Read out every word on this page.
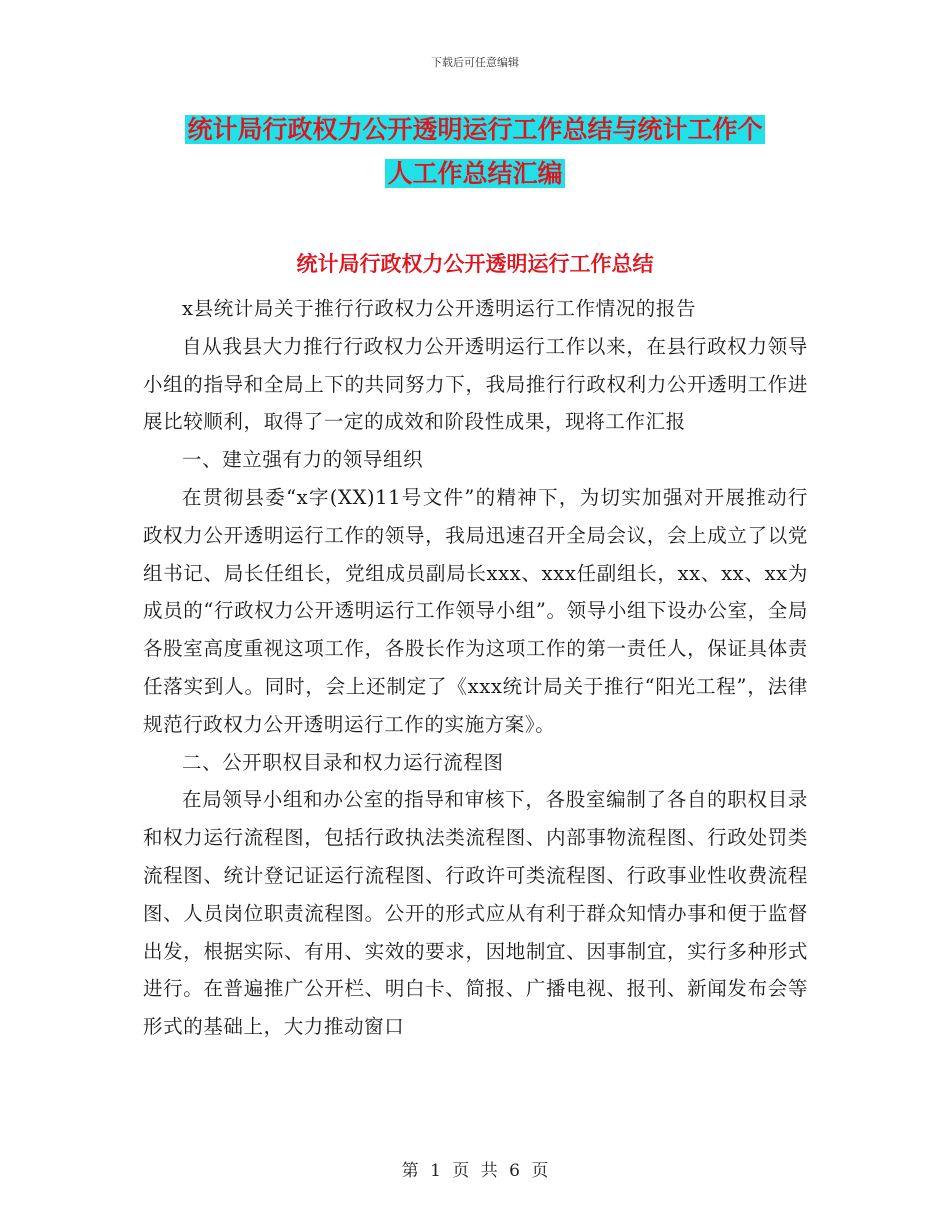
下载后可任意编辑
统计局行政权力公开透明运行工作总结与统计工作个
人工作总结汇编
统计局行政权力公开透明运行工作总结

x县统计局关于推行行政权力公开透明运行工作情况的报告

自从我县大力推行行政权力公开透明运行工作以来，在县行政权力领导小组的指导和全局上下的共同努力下，我局推行行政权利力公开透明工作进展比较顺利，取得了一定的成效和阶段性成果，现将工作汇报

一、建立强有力的领导组织

在贯彻县委“x字(XX)11号文件”的精神下，为切实加强对开展推动行政权力公开透明运行工作的领导，我局迅速召开全局会议，会上成立了以党组书记、局长任组长，党组成员副局长xxx、xxx任副组长，xx、xx、xx为成员的“行政权力公开透明运行工作领导小组”。领导小组下设办公室，全局各股室高度重视这项工作，各股长作为这项工作的第一责任人，保证具体责任落实到人。同时，会上还制定了《xxx统计局关于推行“阳光工程”，法律规范行政权力公开透明运行工作的实施方案》。

二、公开职权目录和权力运行流程图

在局领导小组和办公室的指导和审核下，各股室编制了各自的职权目录和权力运行流程图，包括行政执法类流程图、内部事物流程图、行政处罚类流程图、统计登记证运行流程图、行政许可类流程图、行政事业性收费流程图、人员岗位职责流程图。公开的形式应从有利于群众知情办事和便于监督出发，根据实际、有用、实效的要求，因地制宜、因事制宜，实行多种形式进行。在普遍推广公开栏、明白卡、简报、广播电视、报刊、新闻发布会等形式的基础上，大力推动窗口

第 1 页 共 6 页
